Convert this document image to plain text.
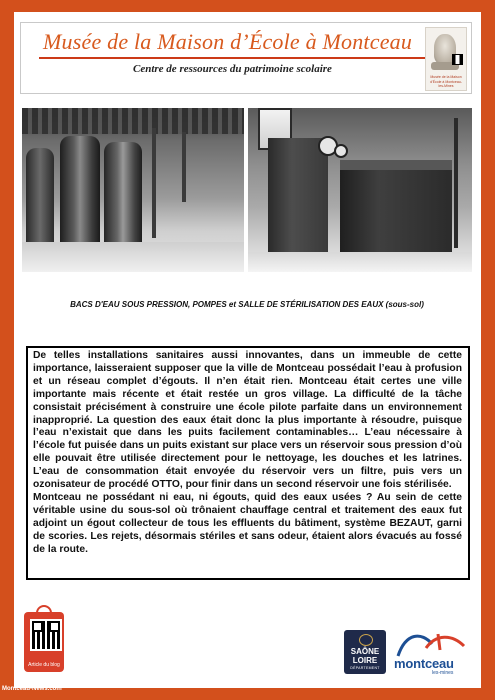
Musée de la Maison d’École à Montceau
Centre de ressources du patrimoine scolaire
Musée de la Maison d'École à Montceau-les-Mines
BACS D'EAU SOUS PRESSION, POMPES et SALLE DE STÉRILISATION DES EAUX (sous-sol)

De telles installations sanitaires aussi innovantes, dans un immeuble de cette importance, laisseraient supposer que la ville de Montceau possédait l’eau à profusion et un réseau complet d’égouts. Il n’en était rien. Montceau était certes une ville importante mais récente et était restée un gros village. La difficulté de la tâche consistait précisément à construire une école pilote parfaite dans un environnement inapproprié. La question des eaux était donc la plus importante à résoudre, puisque l’eau n’existait que dans les puits facilement contaminables… L’eau nécessaire à l’école fut puisée dans un puits existant sur place vers un réservoir sous pression d’où elle pouvait être utilisée directement pour le nettoyage, les douches et les latrines. L’eau de consommation était envoyée du réservoir vers un filtre, puis vers un ozonisateur de procédé OTTO, pour finir dans un second réservoir une fois stérilisée.

Montceau ne possédant ni eau, ni égouts, quid des eaux usées ? Au sein de cette véritable usine du sous-sol où trônaient chauffage central et traitement des eaux fut adjoint un égout collecteur de tous les effluents du bâtiment, système BEZAUT, garni de scories. Les rejets, désormais stériles et sans odeur, étaient alors évacués au fossé de la route.

Article du blog
SAÔNE
LOIRE
DÉPARTEMENT	montceau
les-mines
Montceau-News.com
